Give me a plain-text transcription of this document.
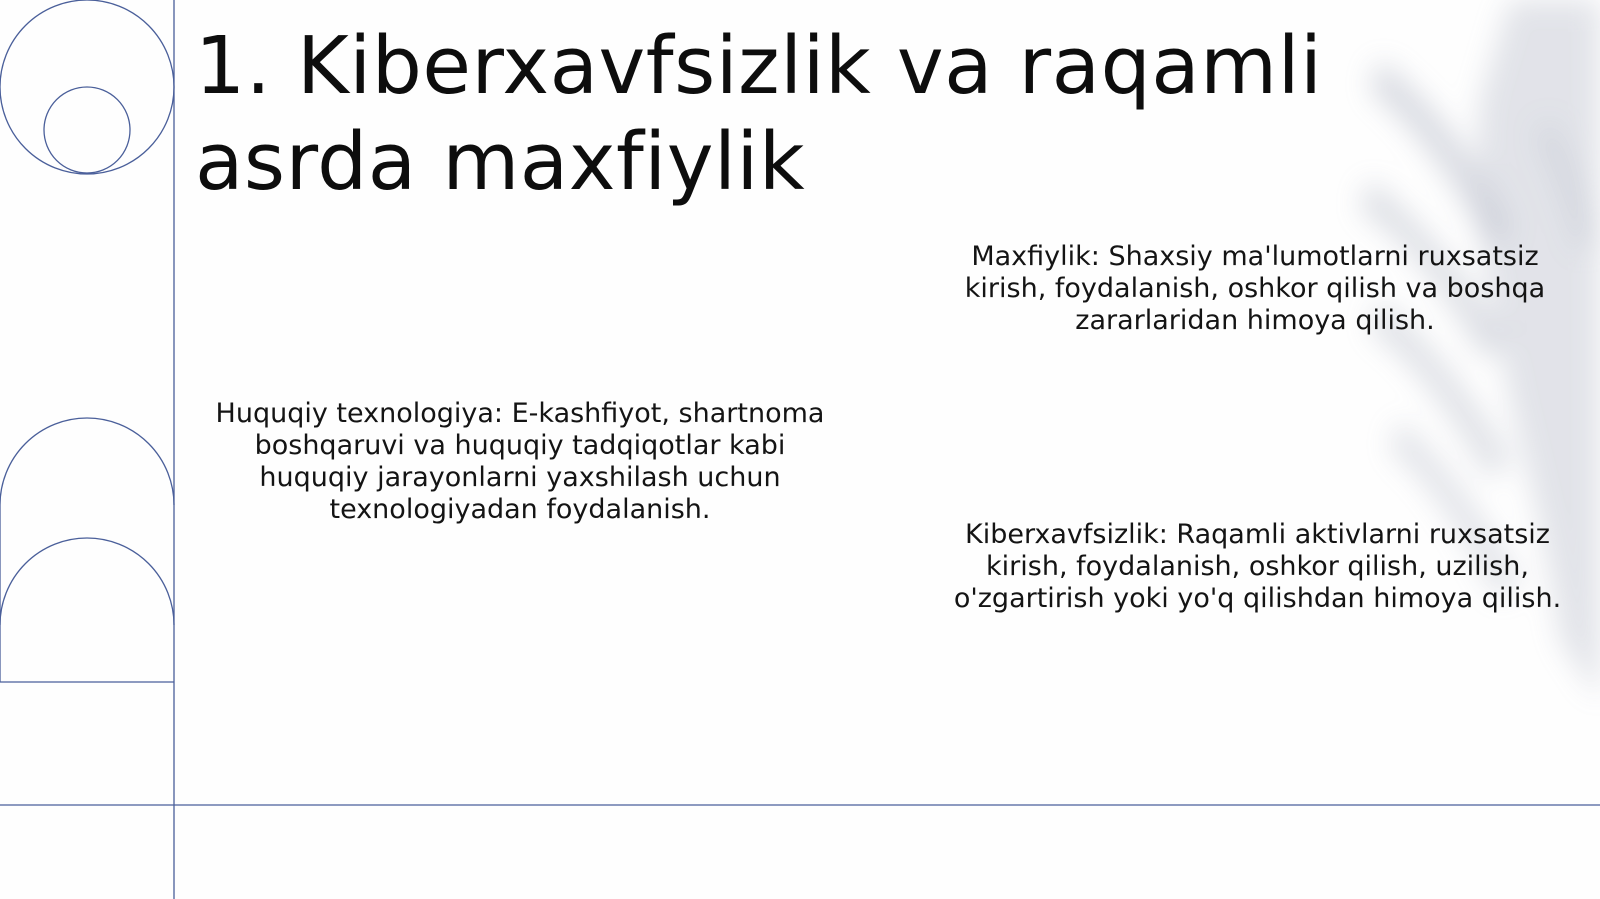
1. Kiberxavfsizlik va raqamli asrda maxfiylik

Huquqiy texnologiya: E-kashfiyot, shartnoma boshqaruvi va huquqiy tadqiqotlar kabi huquqiy jarayonlarni yaxshilash uchun texnologiyadan foydalanish.

Maxfiylik: Shaxsiy ma'lumotlarni ruxsatsiz kirish, foydalanish, oshkor qilish va boshqa zararlaridan himoya qilish.

Kiberxavfsizlik: Raqamli aktivlarni ruxsatsiz kirish, foydalanish, oshkor qilish, uzilish, o'zgartirish yoki yo'q qilishdan himoya qilish.
